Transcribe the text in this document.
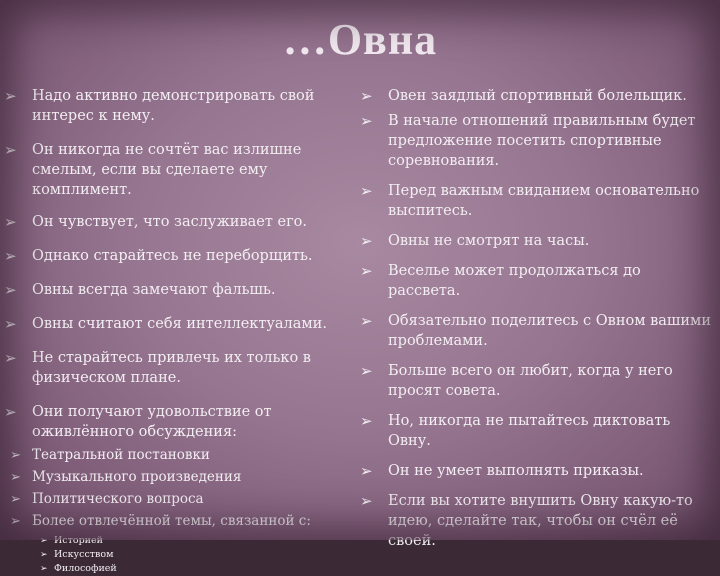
…Овна
➢	Надо активно демонстрировать свой интерес к нему.
➢	Он никогда не сочтёт вас излишне смелым, если вы сделаете ему комплимент.
➢	Он чувствует, что заслуживает его.
➢	Однако старайтесь не переборщить.
➢	Овны всегда замечают фальшь.
➢	Овны считают себя интеллектуалами.
➢	Не старайтесь привлечь их только в физическом плане.
➢	Они получают удовольствие от оживлённого обсуждения:
➢ Театральной постановки
➢ Музыкального произведения
➢ Политического вопроса
➢ Более отвлечённой темы, связанной с:
➢ Историей
➢ Искусством
➢ Философией
➢	Овен заядлый спортивный болельщик.
➢	В начале отношений правильным будет предложение посетить спортивные соревнования.
➢	Перед важным свиданием основательно выспитесь.
➢	Овны не смотрят на часы.
➢	Веселье может продолжаться до рассвета.
➢	Обязательно поделитесь с Овном вашими проблемами.
➢	Больше всего он любит, когда у него просят совета.
➢	Но, никогда не пытайтесь диктовать Овну.
➢	Он не умеет выполнять приказы.
➢	Если вы хотите внушить Овну какую-то идею, сделайте так, чтобы он счёл её своей.
